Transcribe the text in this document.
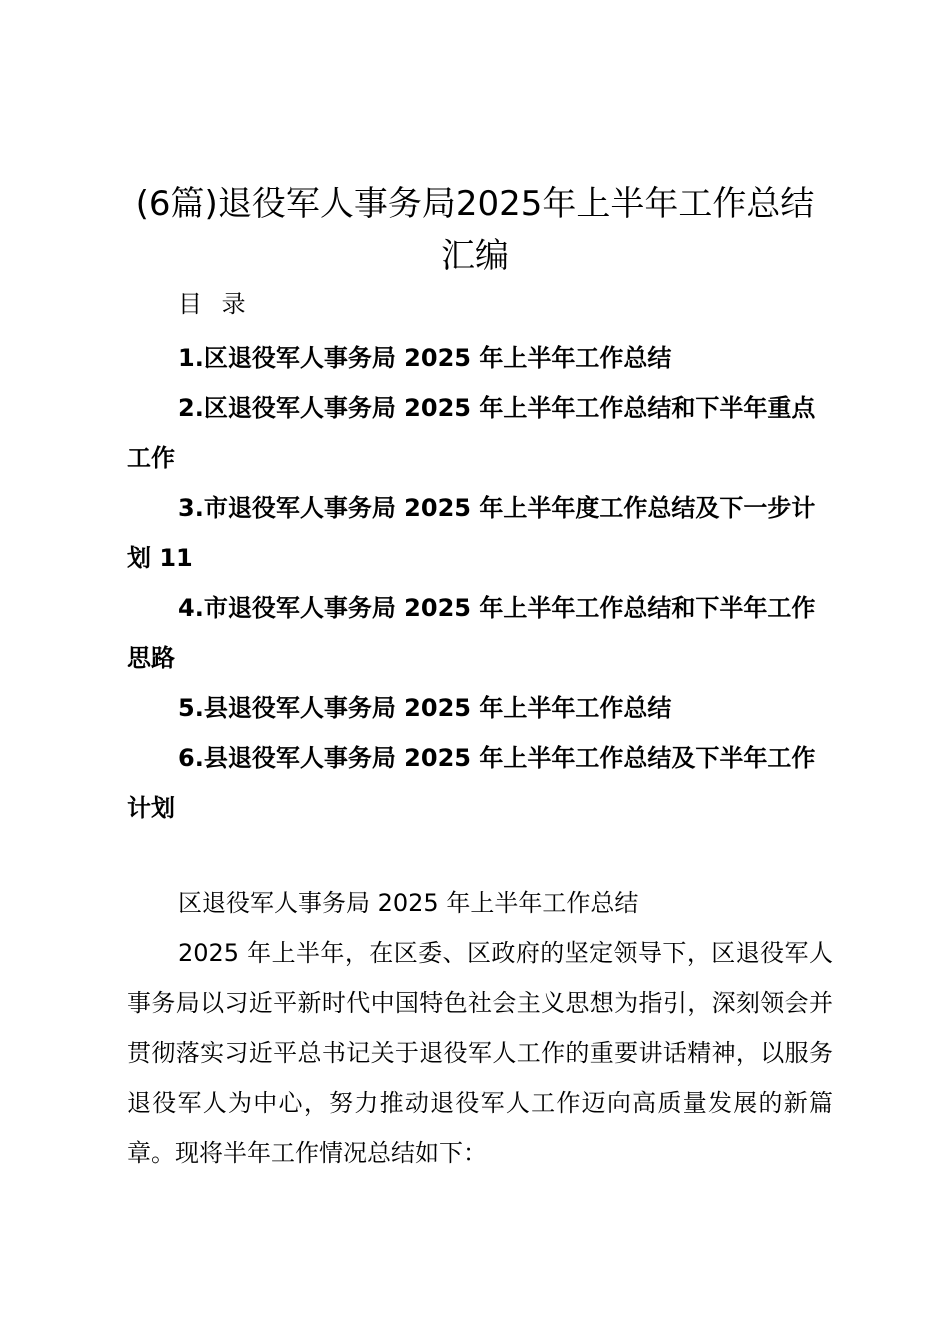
(6篇)退役军人事务局2025年上半年工作总结汇编
目 录
1.区退役军人事务局 2025 年上半年工作总结
2.区退役军人事务局 2025 年上半年工作总结和下半年重点工作
3.市退役军人事务局 2025 年上半年度工作总结及下一步计划 11
4.市退役军人事务局 2025 年上半年工作总结和下半年工作思路
5.县退役军人事务局 2025 年上半年工作总结
6.县退役军人事务局 2025 年上半年工作总结及下半年工作计划

区退役军人事务局 2025 年上半年工作总结

2025 年上半年，在区委、区政府的坚定领导下，区退役军人事务局以习近平新时代中国特色社会主义思想为指引，深刻领会并贯彻落实习近平总书记关于退役军人工作的重要讲话精神，以服务退役军人为中心，努力推动退役军人工作迈向高质量发展的新篇章。现将半年工作情况总结如下：
